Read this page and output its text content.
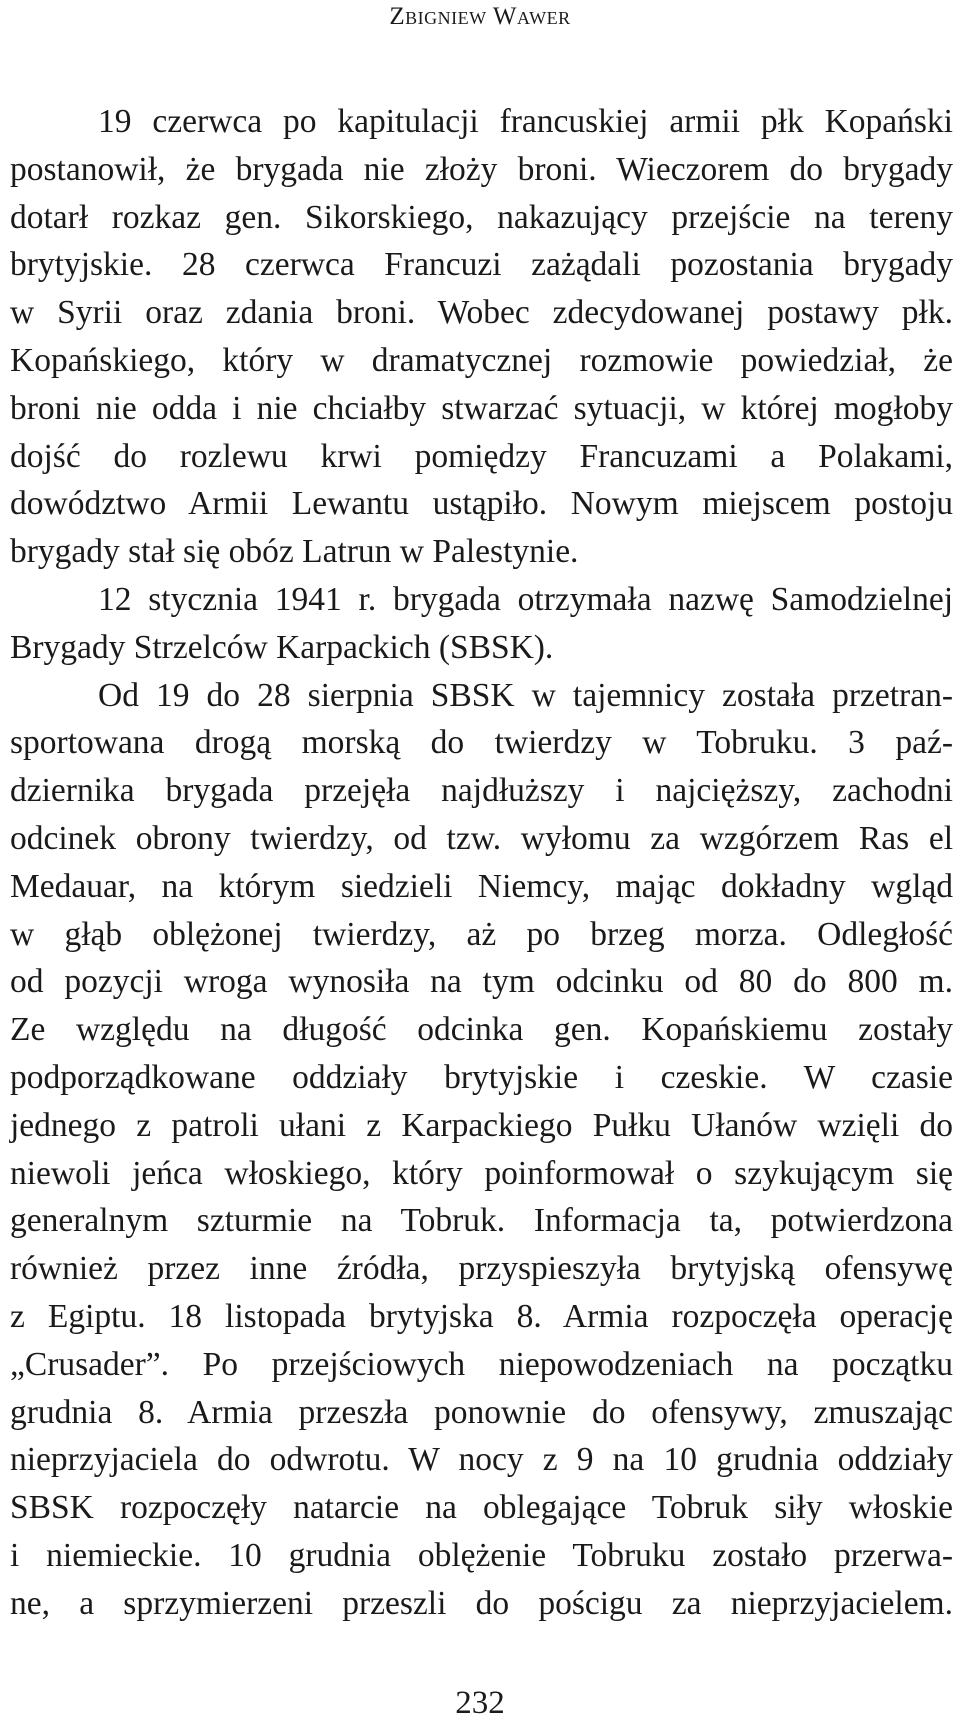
Zbigniew Wawer

19 czerwca po kapitulacji francuskiej armii płk Kopański
postanowił, że brygada nie złoży broni. Wieczorem do brygady
dotarł rozkaz gen. Sikorskiego, nakazujący przejście na tereny
brytyjskie. 28 czerwca Francuzi zażądali pozostania brygady
w Syrii oraz zdania broni. Wobec zdecydowanej postawy płk.
Kopańskiego, który w dramatycznej rozmowie powiedział, że
broni nie odda i nie chciałby stwarzać sytuacji, w której mogłoby
dojść do rozlewu krwi pomiędzy Francuzami a Polakami,
dowództwo Armii Lewantu ustąpiło. Nowym miejscem postoju
brygady stał się obóz Latrun w Palestynie.

12 stycznia 1941 r. brygada otrzymała nazwę Samodzielnej
Brygady Strzelców Karpackich (SBSK).

Od 19 do 28 sierpnia SBSK w tajemnicy została przetran-
sportowana drogą morską do twierdzy w Tobruku. 3 paź-
dziernika brygada przejęła najdłuższy i najcięższy, zachodni
odcinek obrony twierdzy, od tzw. wyłomu za wzgórzem Ras el
Medauar, na którym siedzieli Niemcy, mając dokładny wgląd
w głąb oblężonej twierdzy, aż po brzeg morza. Odległość
od pozycji wroga wynosiła na tym odcinku od 80 do 800 m.
Ze względu na długość odcinka gen. Kopańskiemu zostały
podporządkowane oddziały brytyjskie i czeskie. W czasie
jednego z patroli ułani z Karpackiego Pułku Ułanów wzięli do
niewoli jeńca włoskiego, który poinformował o szykującym się
generalnym szturmie na Tobruk. Informacja ta, potwierdzona
również przez inne źródła, przyspieszyła brytyjską ofensywę
z Egiptu. 18 listopada brytyjska 8. Armia rozpoczęła operację
„Crusader”. Po przejściowych niepowodzeniach na początku
grudnia 8. Armia przeszła ponownie do ofensywy, zmuszając
nieprzyjaciela do odwrotu. W nocy z 9 na 10 grudnia oddziały
SBSK rozpoczęły natarcie na oblegające Tobruk siły włoskie
i niemieckie. 10 grudnia oblężenie Tobruku zostało przerwa-
ne, a sprzymierzeni przeszli do pościgu za nieprzyjacielem.

232
